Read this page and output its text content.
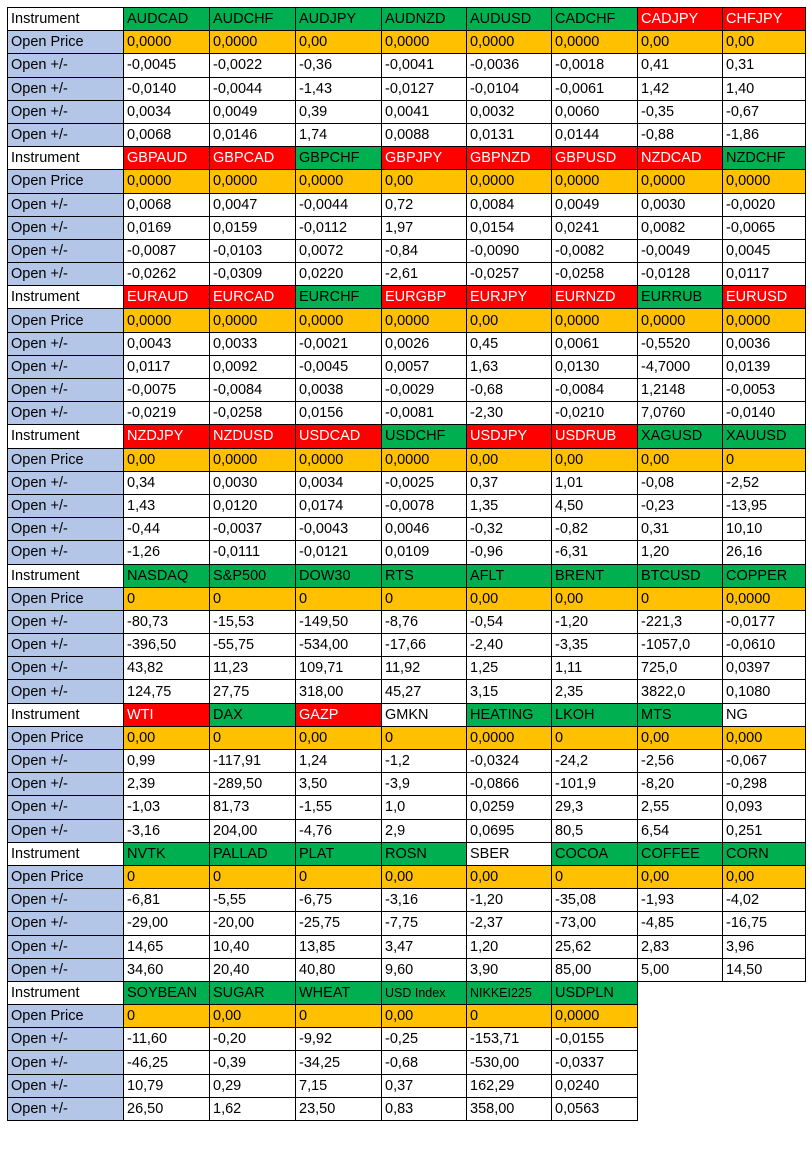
Instrument	AUDCAD	AUDCHF	AUDJPY	AUDNZD	AUDUSD	CADCHF	CADJPY	CHFJPY
Open Price	0,0000	0,0000	0,00	0,0000	0,0000	0,0000	0,00	0,00
Open +/-	-0,0045	-0,0022	-0,36	-0,0041	-0,0036	-0,0018	0,41	0,31
Open +/-	-0,0140	-0,0044	-1,43	-0,0127	-0,0104	-0,0061	1,42	1,40
Open +/-	0,0034	0,0049	0,39	0,0041	0,0032	0,0060	-0,35	-0,67
Open +/-	0,0068	0,0146	1,74	0,0088	0,0131	0,0144	-0,88	-1,86
Instrument	GBPAUD	GBPCAD	GBPCHF	GBPJPY	GBPNZD	GBPUSD	NZDCAD	NZDCHF
Open Price	0,0000	0,0000	0,0000	0,00	0,0000	0,0000	0,0000	0,0000
Open +/-	0,0068	0,0047	-0,0044	0,72	0,0084	0,0049	0,0030	-0,0020
Open +/-	0,0169	0,0159	-0,0112	1,97	0,0154	0,0241	0,0082	-0,0065
Open +/-	-0,0087	-0,0103	0,0072	-0,84	-0,0090	-0,0082	-0,0049	0,0045
Open +/-	-0,0262	-0,0309	0,0220	-2,61	-0,0257	-0,0258	-0,0128	0,0117
Instrument	EURAUD	EURCAD	EURCHF	EURGBP	EURJPY	EURNZD	EURRUB	EURUSD
Open Price	0,0000	0,0000	0,0000	0,0000	0,00	0,0000	0,0000	0,0000
Open +/-	0,0043	0,0033	-0,0021	0,0026	0,45	0,0061	-0,5520	0,0036
Open +/-	0,0117	0,0092	-0,0045	0,0057	1,63	0,0130	-4,7000	0,0139
Open +/-	-0,0075	-0,0084	0,0038	-0,0029	-0,68	-0,0084	1,2148	-0,0053
Open +/-	-0,0219	-0,0258	0,0156	-0,0081	-2,30	-0,0210	7,0760	-0,0140
Instrument	NZDJPY	NZDUSD	USDCAD	USDCHF	USDJPY	USDRUB	XAGUSD	XAUUSD
Open Price	0,00	0,0000	0,0000	0,0000	0,00	0,00	0,00	0
Open +/-	0,34	0,0030	0,0034	-0,0025	0,37	1,01	-0,08	-2,52
Open +/-	1,43	0,0120	0,0174	-0,0078	1,35	4,50	-0,23	-13,95
Open +/-	-0,44	-0,0037	-0,0043	0,0046	-0,32	-0,82	0,31	10,10
Open +/-	-1,26	-0,0111	-0,0121	0,0109	-0,96	-6,31	1,20	26,16
Instrument	NASDAQ	S&P500	DOW30	RTS	AFLT	BRENT	BTCUSD	COPPER
Open Price	0	0	0	0	0,00	0,00	0	0,0000
Open +/-	-80,73	-15,53	-149,50	-8,76	-0,54	-1,20	-221,3	-0,0177
Open +/-	-396,50	-55,75	-534,00	-17,66	-2,40	-3,35	-1057,0	-0,0610
Open +/-	43,82	11,23	109,71	11,92	1,25	1,11	725,0	0,0397
Open +/-	124,75	27,75	318,00	45,27	3,15	2,35	3822,0	0,1080
Instrument	WTI	DAX	GAZP	GMKN	HEATING	LKOH	MTS	NG
Open Price	0,00	0	0,00	0	0,0000	0	0,00	0,000
Open +/-	0,99	-117,91	1,24	-1,2	-0,0324	-24,2	-2,56	-0,067
Open +/-	2,39	-289,50	3,50	-3,9	-0,0866	-101,9	-8,20	-0,298
Open +/-	-1,03	81,73	-1,55	1,0	0,0259	29,3	2,55	0,093
Open +/-	-3,16	204,00	-4,76	2,9	0,0695	80,5	6,54	0,251
Instrument	NVTK	PALLAD	PLAT	ROSN	SBER	COCOA	COFFEE	CORN
Open Price	0	0	0	0,00	0,00	0	0,00	0,00
Open +/-	-6,81	-5,55	-6,75	-3,16	-1,20	-35,08	-1,93	-4,02
Open +/-	-29,00	-20,00	-25,75	-7,75	-2,37	-73,00	-4,85	-16,75
Open +/-	14,65	10,40	13,85	3,47	1,20	25,62	2,83	3,96
Open +/-	34,60	20,40	40,80	9,60	3,90	85,00	5,00	14,50
Instrument	SOYBEAN	SUGAR	WHEAT	USD Index	NIKKEI225	USDPLN		
Open Price	0	0,00	0	0,00	0	0,0000		
Open +/-	-11,60	-0,20	-9,92	-0,25	-153,71	-0,0155		
Open +/-	-46,25	-0,39	-34,25	-0,68	-530,00	-0,0337		
Open +/-	10,79	0,29	7,15	0,37	162,29	0,0240		
Open +/-	26,50	1,62	23,50	0,83	358,00	0,0563		
